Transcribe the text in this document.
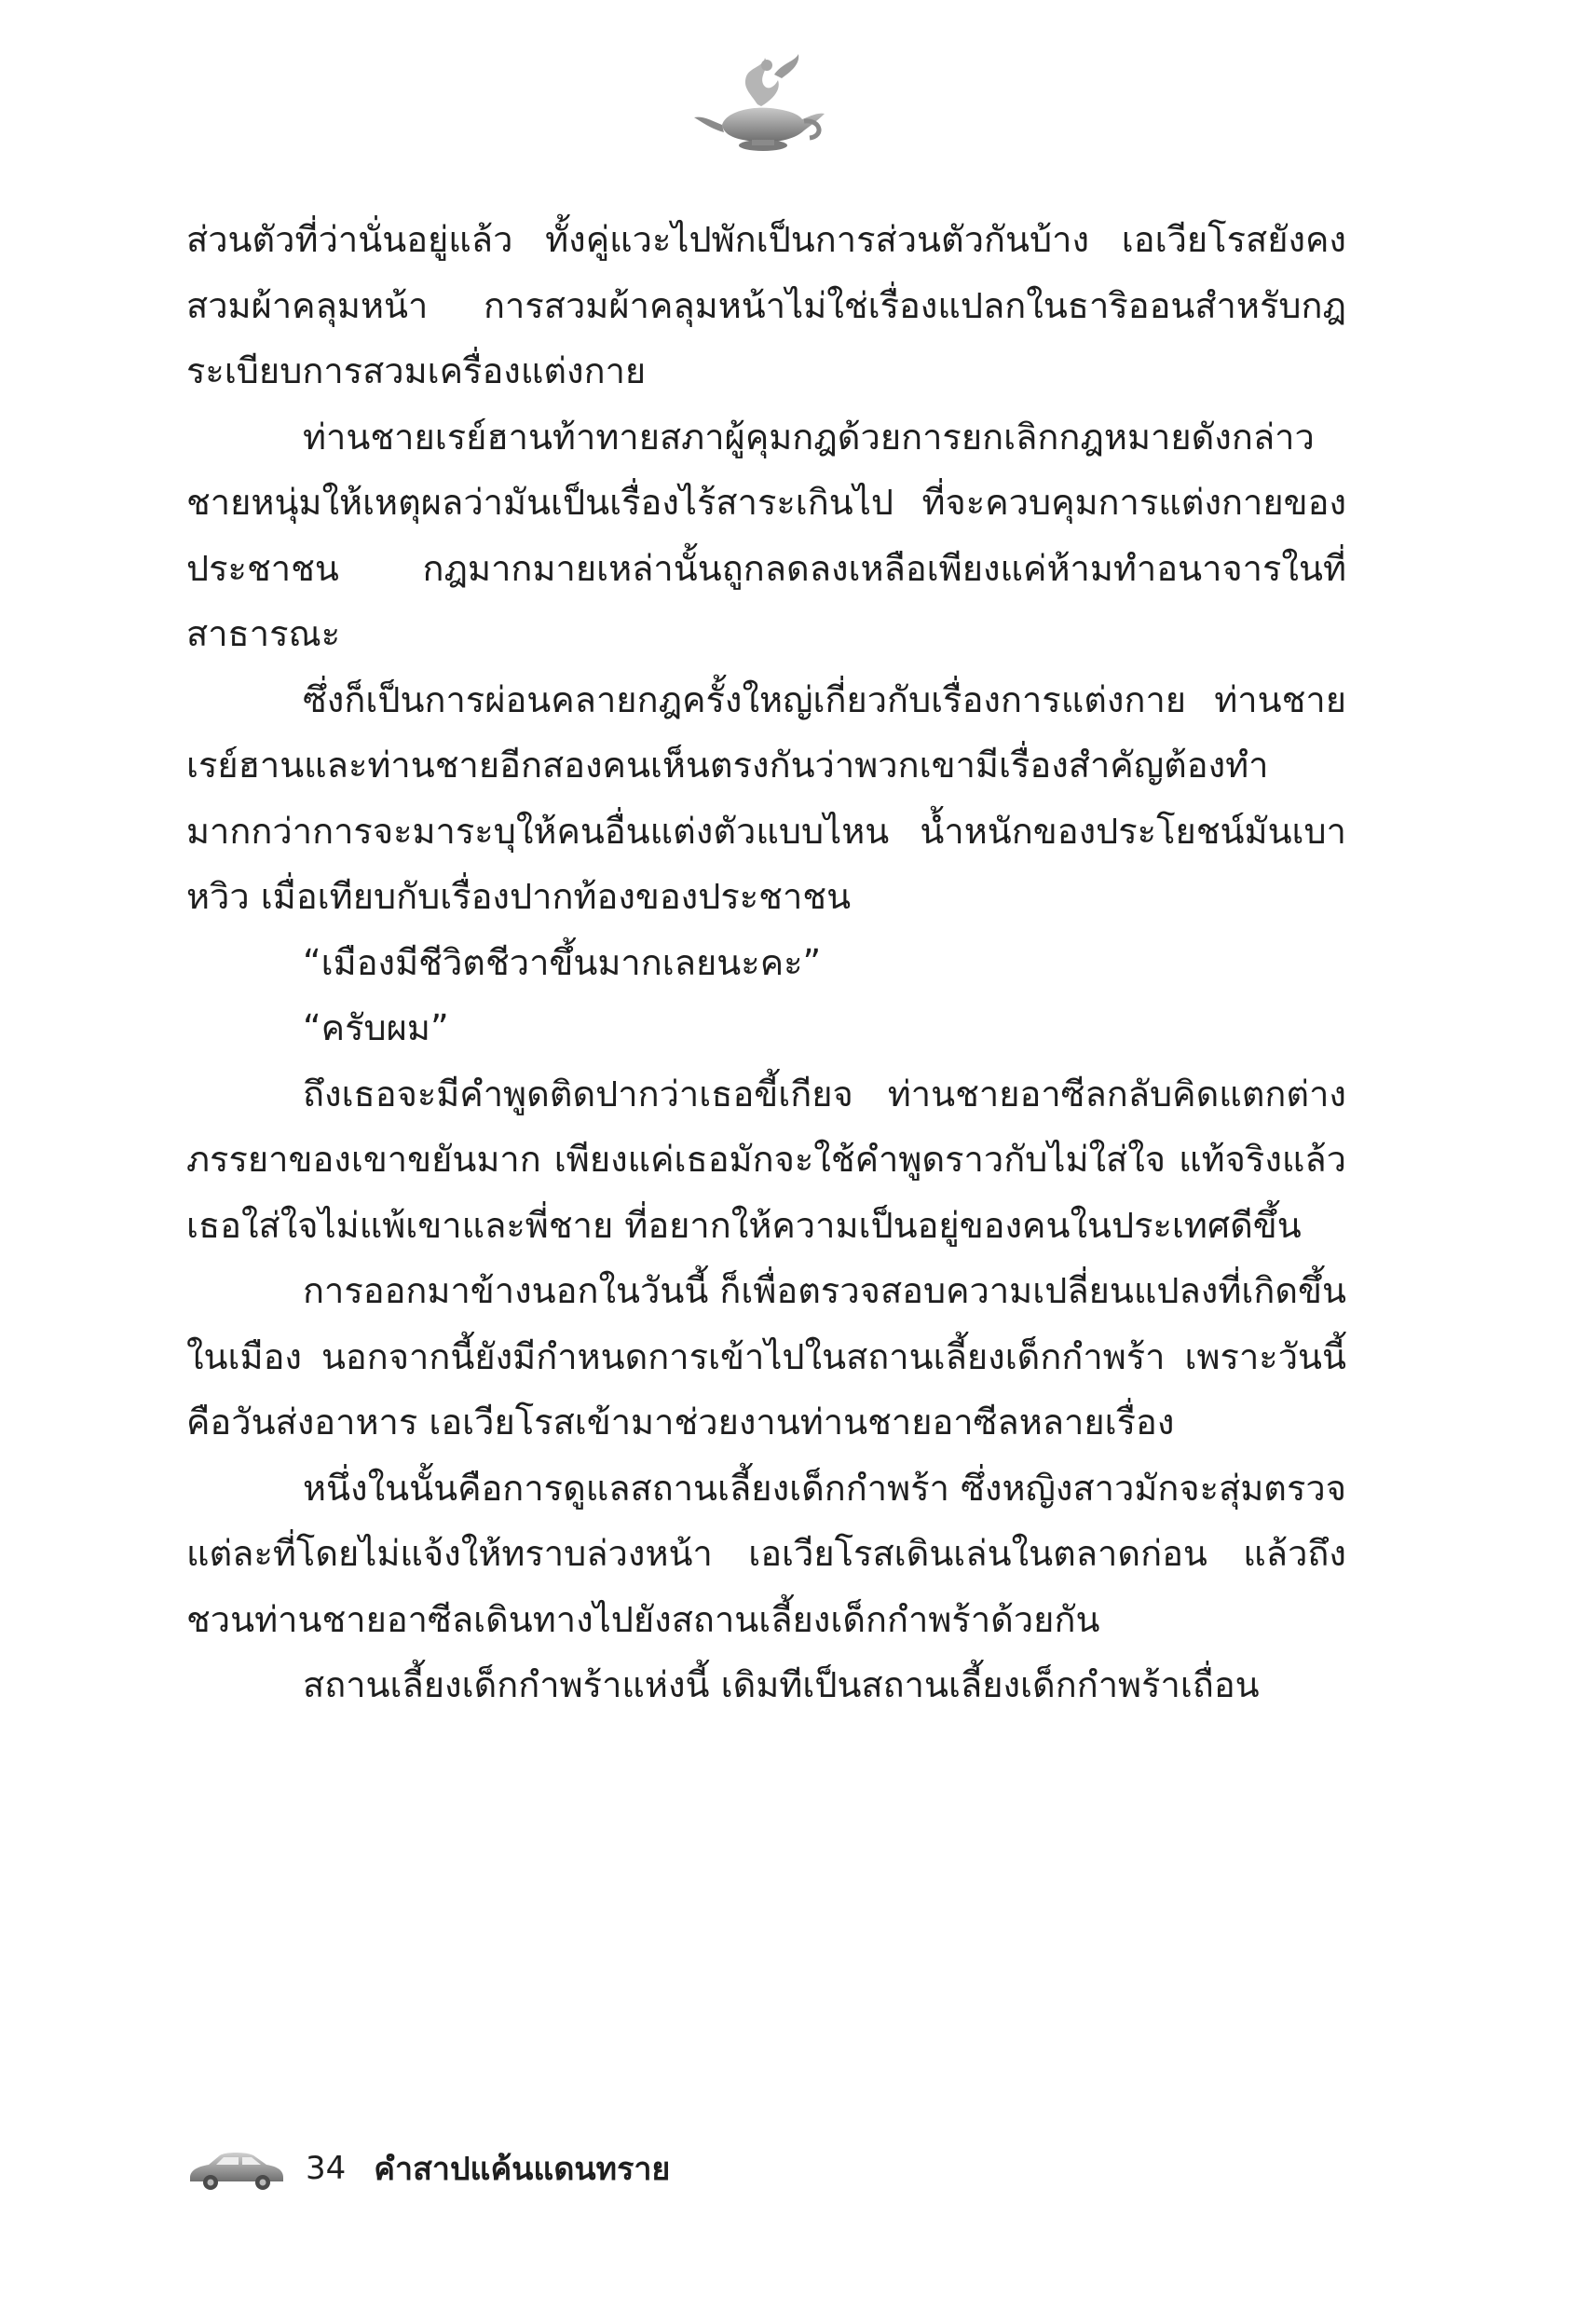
ส่วนตัวที่ว่านั่นอยู่แล้ว ทั้งคู่แวะไปพักเป็นการส่วนตัวกันบ้าง เอเวียโรสยังคงสวมผ้าคลุมหน้า การสวมผ้าคลุมหน้าไม่ใช่เรื่องแปลกในธาริออนสำหรับกฎระเบียบการสวมเครื่องแต่งกาย

ท่านชายเรย์ฮานท้าทายสภาผู้คุมกฎด้วยการยกเลิกกฎหมายดังกล่าว ชายหนุ่มให้เหตุผลว่ามันเป็นเรื่องไร้สาระเกินไป ที่จะควบคุมการแต่งกายของประชาชน กฎมากมายเหล่านั้นถูกลดลงเหลือเพียงแค่ห้ามทำอนาจารในที่สาธารณะ

ซึ่งก็เป็นการผ่อนคลายกฎครั้งใหญ่เกี่ยวกับเรื่องการแต่งกาย ท่านชายเรย์ฮานและท่านชายอีกสองคนเห็นตรงกันว่าพวกเขามีเรื่องสำคัญต้องทำมากกว่าการจะมาระบุให้คนอื่นแต่งตัวแบบไหน น้ำหนักของประโยชน์มันเบาหวิว เมื่อเทียบกับเรื่องปากท้องของประชาชน

“เมืองมีชีวิตชีวาขึ้นมากเลยนะคะ”

“ครับผม”

ถึงเธอจะมีคำพูดติดปากว่าเธอขี้เกียจ ท่านชายอาซีลกลับคิดแตกต่าง ภรรยาของเขาขยันมาก เพียงแค่เธอมักจะใช้คำพูดราวกับไม่ใส่ใจ แท้จริงแล้วเธอใส่ใจไม่แพ้เขาและพี่ชาย ที่อยากให้ความเป็นอยู่ของคนในประเทศดีขึ้น

การออกมาข้างนอกในวันนี้ ก็เพื่อตรวจสอบความเปลี่ยนแปลงที่เกิดขึ้นในเมือง นอกจากนี้ยังมีกำหนดการเข้าไปในสถานเลี้ยงเด็กกำพร้า เพราะวันนี้คือวันส่งอาหาร เอเวียโรสเข้ามาช่วยงานท่านชายอาซีลหลายเรื่อง

หนึ่งในนั้นคือการดูแลสถานเลี้ยงเด็กกำพร้า ซึ่งหญิงสาวมักจะสุ่มตรวจแต่ละที่โดยไม่แจ้งให้ทราบล่วงหน้า เอเวียโรสเดินเล่นในตลาดก่อน แล้วถึงชวนท่านชายอาซีลเดินทางไปยังสถานเลี้ยงเด็กกำพร้าด้วยกัน

สถานเลี้ยงเด็กกำพร้าแห่งนี้ เดิมทีเป็นสถานเลี้ยงเด็กกำพร้าเถื่อน

34 คำสาปแค้นแดนทราย
